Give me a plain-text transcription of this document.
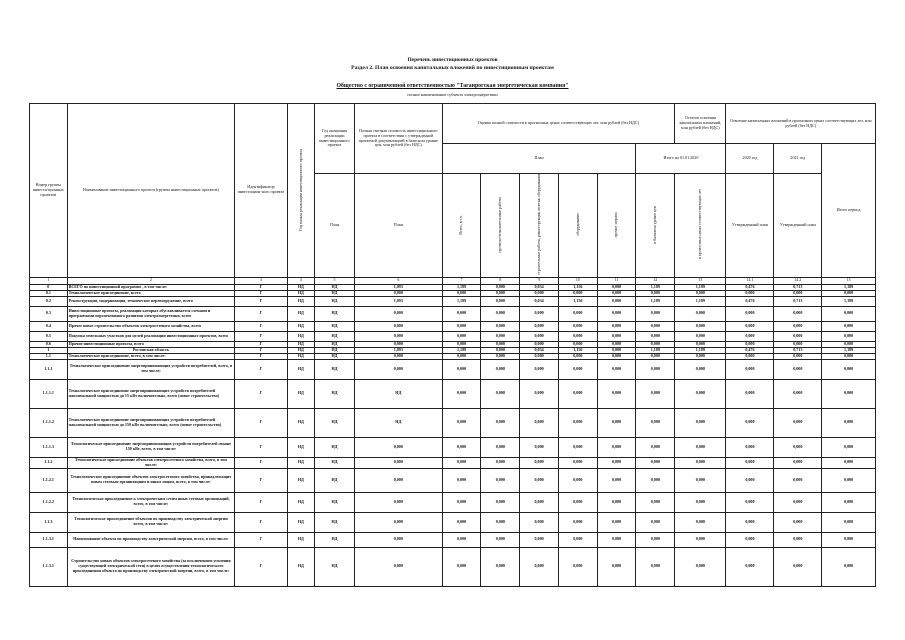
Перечень инвестиционных проектов
Раздел 2. План освоения капитальных вложений по инвестиционным проектам
Общество с ограниченной ответственностью "Таганрогская энергетическая компания"
полное наименование субъекта электроэнергетики
Номер группы инвести-ционных проектов	Наименование инвестиционного проекта (группы инвестиционных проектов)	Идентификатор инвестицион-ного проекта	Год начала реализации инвестиционного проекта	Год окончания реализации инвестиционного проекта	Полная сметная стоимость инвестиционного проекта в соответствии с утвержденной проектной документацией в базисном уровне цен, млн рублей (без НДС)	Оценка полной стоимости в прогнозных ценах соответствующих лет, млн рублей (без НДС)						Остаток освоения капитальных вложений, млн рублей (без НДС)	Освоение капитальных вложений в прогнозных ценах соответствующих лет, млн рублей (без НДС)		
						План					Итого на 01.01.2020		2020 год	2021 год	Итого период
				План	План	Всего, в т.ч.	проектно-изыскательские работы	строительные работы, реконструкция, монтаж оборудования	оборудование	прочие затраты	в базисном уровне цен	в прогнозных ценах соответствующих лет	Утвержденный план	Утвержденный план	
1	2	3	4	5	6	7	8	9	10	11	12	13	14.1	14.2	15
0	ВСЕГО по инвестиционной программе , в том числе:	Г	НД	НД	1,093	1,189	0,000	0,034	1,156	0,000	1,189	1,189	0,476	0,713	1,189
0.1	Технологическое присоединение, всего	Г	НД	НД	0,000	0,000	0,000	0,000	0,000	0,000	0,000	0,000	0,000	0,000	0,000
0.2	Реконструкция, модернизация, техническое перевооружение, всего	Г	НД	НД	1,093	1,189	0,000	0,034	1,156	0,000	1,189	1,189	0,476	0,713	1,189
0.3	Инвестиционные проекты, реализация которых обуславливается схемами и программами перспективного развития электроэнергетики, всего	Г	НД	НД	0,000	0,000	0,000	0,000	0,000	0,000	0,000	0,000	0,000	0,000	0,000
0.4	Прочее новое строительство объектов электросетевого хозяйства, всего	Г	НД	НД	0,000	0,000	0,000	0,000	0,000	0,000	0,000	0,000	0,000	0,000	0,000
0.5	Покупка земельных участков для целей реализации инвестиционных проектов, всего	Г	НД	НД	0,000	0,000	0,000	0,000	0,000	0,000	0,000	0,000	0,000	0,000	0,000
0.6	Прочие инвестиционные проекты, всего	Г	НД	НД	0,000	0,000	0,000	0,000	0,000	0,000	0,000	0,000	0,000	0,000	0,000
1	Ростовская область	Г	НД	НД	1,093	1,189	0,000	0,034	1,156	0,000	1,189	1,189	0,476	0,713	1,189
1.1	Технологическое присоединение, всего, в том числе:	Г	НД	НД	0,000	0,000	0,000	0,000	0,000	0,000	0,000	0,000	0,000	0,000	0,000
1.1.1	Технологическое присоединение энергопринимающих устройств потребителей, всего, в том числе:	Г	НД	НД	0,000	0,000	0,000	0,000	0,000	0,000	0,000	0,000	0,000	0,000	0,000
1.1.1.1	Технологическое присоединение энергопринимающих устройств потребителей максимальной мощностью до 15 кВт включительно, всего (новое строительство)	Г	НД	НД	НД	0,000	0,000	0,000	0,000	0,000	0,000	0,000	0,000	0,000	0,000
1.1.1.2	Технологическое присоединение энергопринимающих устройств потребителей максимальной мощностью до 150 кВт включительно, всего (новое строительство)	Г	НД	НД	НД	0,000	0,000	0,000	0,000	0,000	0,000	0,000	0,000	0,000	0,000
1.1.1.3	Технологическое присоединение энергопринимающих устройств потребителей свыше 150 кВт, всего, в том числе:	Г	НД	НД	0,000	0,000	0,000	0,000	0,000	0,000	0,000	0,000	0,000	0,000	0,000
1.1.2	Технологическое присоединение объектов электросетевого хозяйства, всего, в том числе:	Г	НД	НД	0,000	0,000	0,000	0,000	0,000	0,000	0,000	0,000	0,000	0,000	0,000
1.1.2.1	Технологическое присоединение объектов электросетевого хозяйства, принадлежащих иным сетевым организациям и иным лицам, всего, в том числе:	Г	НД	НД	0,000	0,000	0,000	0,000	0,000	0,000	0,000	0,000	0,000	0,000	0,000
1.1.2.2	Технологическое присоединение к электрическим сетям иных сетевых организаций, всего, в том числе:	Г	НД	НД	0,000	0,000	0,000	0,000	0,000	0,000	0,000	0,000	0,000	0,000	0,000
1.1.3	Технологическое присоединение объектов по производству электрической энергии всего, в том числе:	Г	НД	НД	0,000	0,000	0,000	0,000	0,000	0,000	0,000	0,000	0,000	0,000	0,000
1.1.3.1	Наименование объекта по производству электрической энергии, всего, в том числе:	Г	НД	НД	0,000	0,000	0,000	0,000	0,000	0,000	0,000	0,000	0,000	0,000	0,000
1.1.3.1	Строительство новых объектов электросетевого хозяйства (за исключением усиления существующей электрической сети) в целях осуществления технологического присоединения объекта по производству электрической энергии, всего, в том числе:	Г	НД	НД	0,000	0,000	0,000	0,000	0,000	0,000	0,000	0,000	0,000	0,000	0,000
